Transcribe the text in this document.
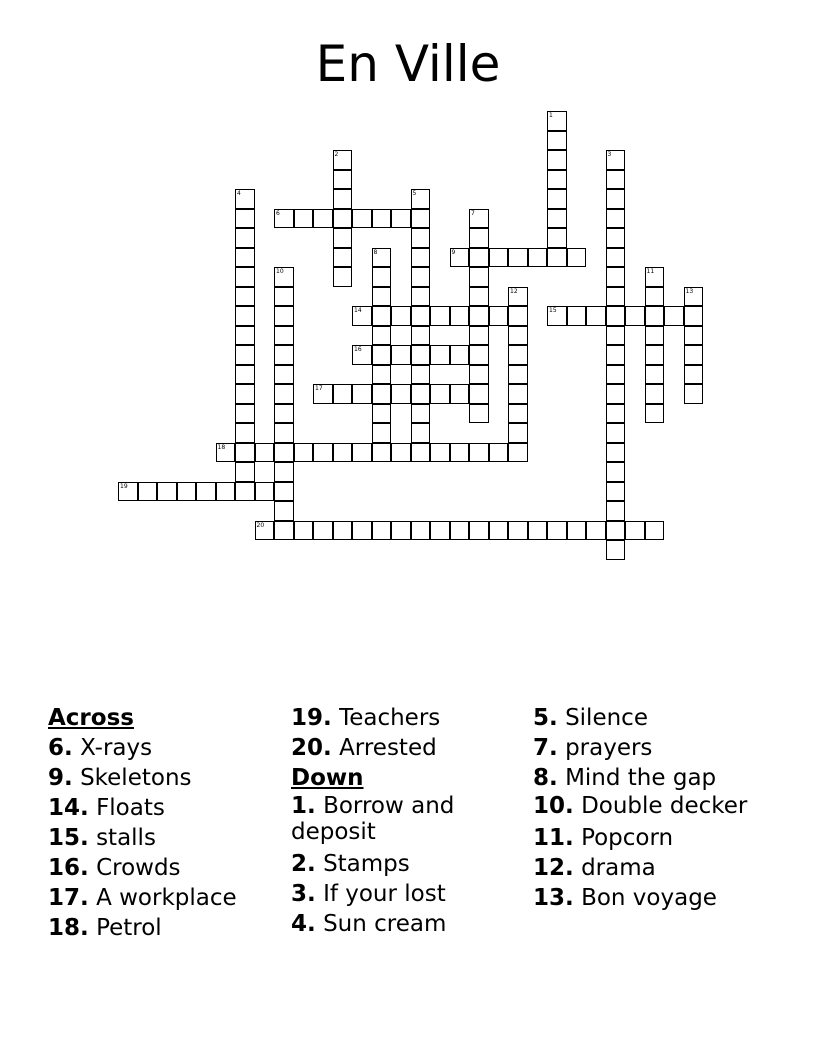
En Ville
1
2	3
4	5
7
8
10	11
12	13
6
9
14	15
16
17
18
19
20

Across

6. X-rays

9. Skeletons

14. Floats

15. stalls

16. Crowds

17. A workplace

18. Petrol

19. Teachers

20. Arrested

Down

1. Borrow and deposit

2. Stamps

3. If your lost

4. Sun cream

5. Silence

7. prayers

8. Mind the gap

10. Double decker

11. Popcorn

12. drama

13. Bon voyage
